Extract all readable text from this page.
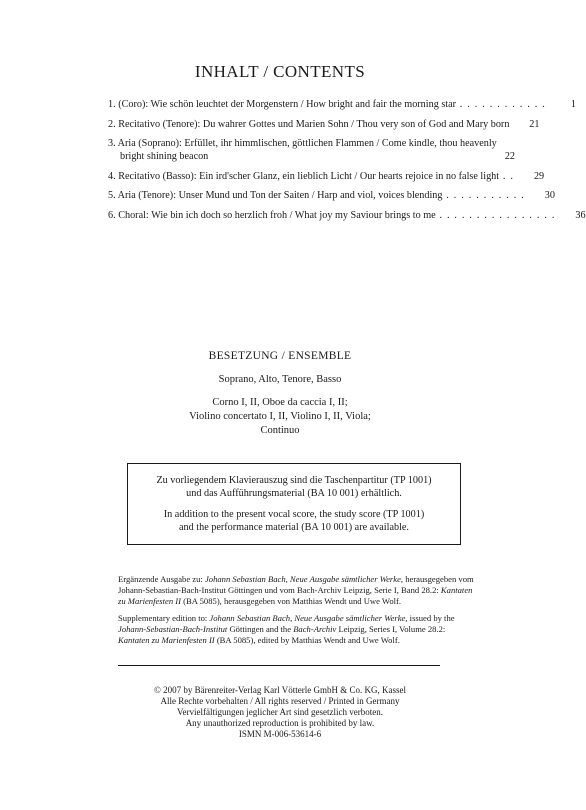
INHALT / CONTENTS
1. (Coro): Wie schön leuchtet der Morgenstern / How bright and fair the morning star . . . . . . . . . . . .	1
2. Recitativo (Tenore): Du wahrer Gottes und Marien Sohn / Thou very son of God and Mary born	21
3. Aria (Soprano): Erfüllet, ihr himmlischen, göttlichen Flammen / Come kindle, thou heavenly
bright shining beacon	22
4. Recitativo (Basso): Ein ird'scher Glanz, ein lieblich Licht / Our hearts rejoice in no false light . .	29
5. Aria (Tenore): Unser Mund und Ton der Saiten / Harp and viol, voices blending . . . . . . . . . . .	30
6. Choral: Wie bin ich doch so herzlich froh / What joy my Saviour brings to me . . . . . . . . . . . . . . . .	36
BESETZUNG / ENSEMBLE
Soprano, Alto, Tenore, Basso
Corno I, II, Oboe da caccia I, II;
Violino concertato I, II, Violino I, II, Viola;
Continuo

Zu vorliegendem Klavierauszug sind die Taschenpartitur (TP 1001)

und das Aufführungsmaterial (BA 10 001) erhältlich.

In addition to the present vocal score, the study score (TP 1001)

and the performance material (BA 10 001) are available.

Ergänzende Ausgabe zu: Johann Sebastian Bach, Neue Ausgabe sämtlicher Werke, herausgegeben vom Johann-Sebastian-Bach-Institut Göttingen und vom Bach-Archiv Leipzig, Serie I, Band 28.2: Kantaten zu Marienfesten II (BA 5085), herausgegeben von Matthias Wendt und Uwe Wolf.
Supplementary edition to: Johann Sebastian Bach, Neue Ausgabe sämtlicher Werke, issued by the Johann-Sebastian-Bach-Institut Göttingen and the Bach-Archiv Leipzig, Series I, Volume 28.2: Kantaten zu Marienfesten II (BA 5085), edited by Matthias Wendt and Uwe Wolf.
© 2007 by Bärenreiter-Verlag Karl Vötterle GmbH & Co. KG, Kassel
Alle Rechte vorbehalten / All rights reserved / Printed in Germany
Vervielfältigungen jeglicher Art sind gesetzlich verboten.
Any unauthorized reproduction is prohibited by law.
ISMN M-006-53614-6
